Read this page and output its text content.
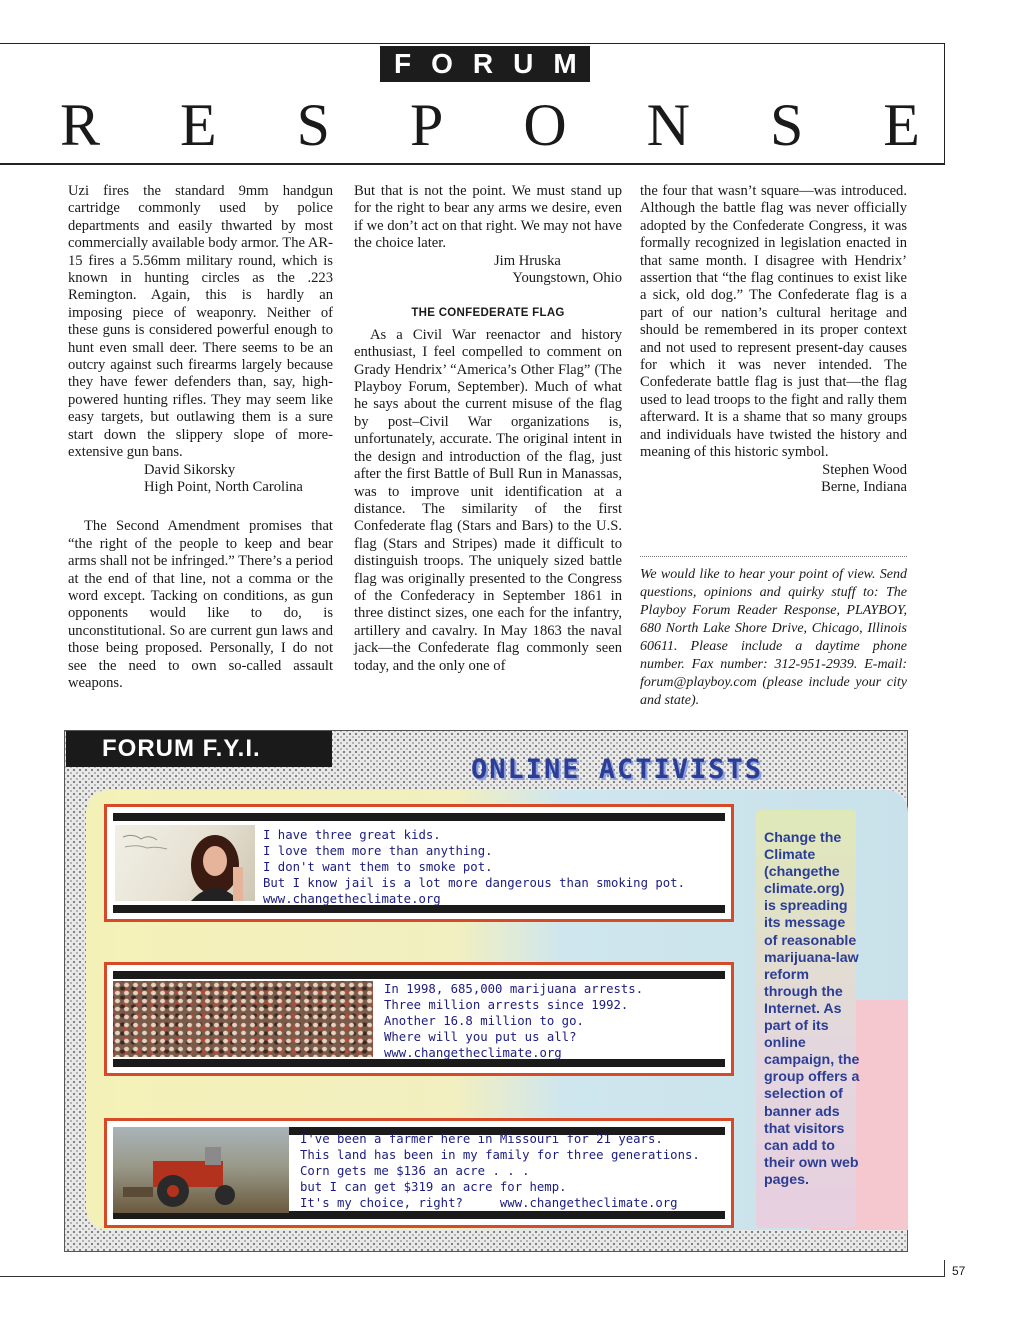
FORUM
R E S P O N S E

Uzi fires the standard 9mm handgun cartridge commonly used by police departments and easily thwarted by most commercially available body armor. The AR-15 fires a 5.56mm military round, which is known in hunting circles as the .223 Remington. Again, this is hardly an imposing piece of weaponry. Neither of these guns is considered powerful enough to hunt even small deer. There seems to be an outcry against such firearms largely because they have fewer defenders than, say, high-powered hunting rifles. They may seem like easy targets, but outlawing them is a sure start down the slippery slope of more-extensive gun bans.

David Sikorsky

High Point, North Carolina

The Second Amendment promises that “the right of the people to keep and bear arms shall not be infringed.” There’s a period at the end of that line, not a comma or the word except. Tacking on conditions, as gun opponents would like to do, is unconstitutional. So are current gun laws and those being proposed. Personally, I do not see the need to own so-called assault weapons.

But that is not the point. We must stand up for the right to bear any arms we desire, even if we don’t act on that right. We may not have the choice later.

Jim Hruska

Youngstown, Ohio

THE CONFEDERATE FLAG

As a Civil War reenactor and history enthusiast, I feel compelled to comment on Grady Hendrix’ “America’s Other Flag” (The Playboy Forum, September). Much of what he says about the current misuse of the flag by post–Civil War organizations is, unfortunately, accurate. The original intent in the design and introduction of the flag, just after the first Battle of Bull Run in Manassas, was to improve unit identification at a distance. The similarity of the first Confederate flag (Stars and Bars) to the U.S. flag (Stars and Stripes) made it difficult to distinguish troops. The uniquely sized battle flag was originally presented to the Congress of the Confederacy in September 1861 in three distinct sizes, one each for the infantry, artillery and cavalry. In May 1863 the naval jack—the Confederate flag commonly seen today, and the only one of

the four that wasn’t square—was introduced. Although the battle flag was never officially adopted by the Confederate Congress, it was formally recognized in legislation enacted in that same month. I disagree with Hendrix’ assertion that “the flag continues to exist like a sick, old dog.” The Confederate flag is a part of our nation’s cultural heritage and should be remembered in its proper context and not used to represent present-day causes for which it was never intended. The Confederate battle flag is just that—the flag used to lead troops to the fight and rally them afterward. It is a shame that so many groups and individuals have twisted the history and meaning of this historic symbol.

Stephen Wood

Berne, Indiana

We would like to hear your point of view. Send questions, opinions and quirky stuff to: The Playboy Forum Reader Response, PLAYBOY, 680 North Lake Shore Drive, Chicago, Illinois 60611. Please include a daytime phone number. Fax number: 312-951-2939. E-mail: forum@playboy.com (please include your city and state).
FORUM F.Y.I.
ONLINE ACTIVISTS
I have three great kids.
I love them more than anything.
I don't want them to smoke pot.
But I know jail is a lot more dangerous than smoking pot.
www.changetheclimate.org
In 1998, 685,000 marijuana arrests.
Three million arrests since 1992.
Another 16.8 million to go.
Where will you put us all?
www.changetheclimate.org
I've been a farmer here in Missouri for 21 years.
This land has been in my family for three generations.
Corn gets me $136 an acre . . .
but I can get $319 an acre for hemp.
It's my choice, right?     www.changetheclimate.org
Change the Climate (changethe climate.org) is spreading its message of reasonable marijuana-law reform through the Internet. As part of its online campaign, the group offers a selection of banner ads that visitors can add to their own web pages.
57
